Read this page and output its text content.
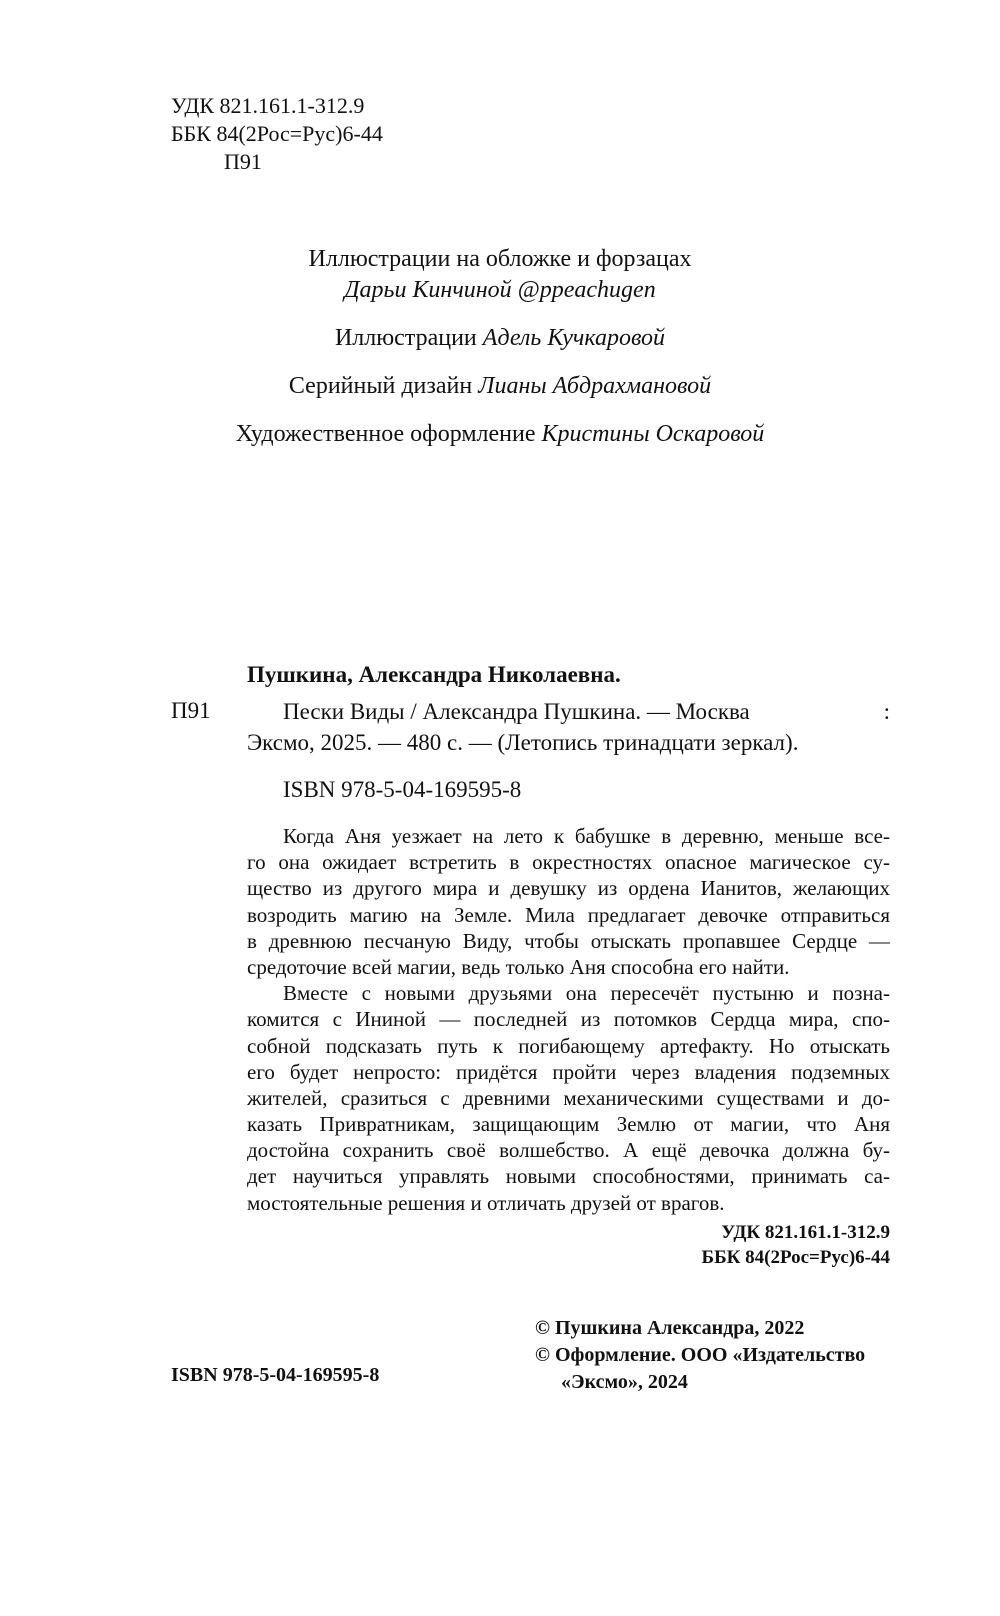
УДК 821.161.1-312.9
ББК 84(2Рос=Рус)6-44
П91
Иллюстрации на обложке и форзацах
Дарьи Кинчиной @ppeachugen
Иллюстрации Адель Кучкаровой
Серийный дизайн Лианы Абдрахмановой
Художественное оформление Кристины Оскаровой
Пушкина, Александра Николаевна.
П91	Пески Виды / Александра Пушкина. — Москва	:
Эксмо, 2025. — 480 с. — (Летопись тринадцати зеркал).
ISBN 978-5-04-169595-8
Когда Аня уезжает на лето к бабушке в деревню, меньше все-
го она ожидает встретить в окрестностях опасное магическое су-
щество из другого мира и девушку из ордена Ианитов, желающих
возродить магию на Земле. Мила предлагает девочке отправиться
в древнюю песчаную Виду, чтобы отыскать пропавшее Сердце —
средоточие всей магии, ведь только Аня способна его найти.
Вместе с новыми друзьями она пересечёт пустыню и позна-
комится с Ининой — последней из потомков Сердца мира, спо-
собной подсказать путь к погибающему артефакту. Но отыскать
его будет непросто: придётся пройти через владения подземных
жителей, сразиться с древними механическими существами и до-
казать Привратникам, защищающим Землю от магии, что Аня
достойна сохранить своё волшебство. А ещё девочка должна бу-
дет научиться управлять новыми способностями, принимать са-
мостоятельные решения и отличать друзей от врагов.
УДК 821.161.1-312.9
ББК 84(2Рос=Рус)6-44
© Пушкина Александра, 2022
© Оформление. ООО «Издательство
«Эксмо», 2024
ISBN 978-5-04-169595-8
